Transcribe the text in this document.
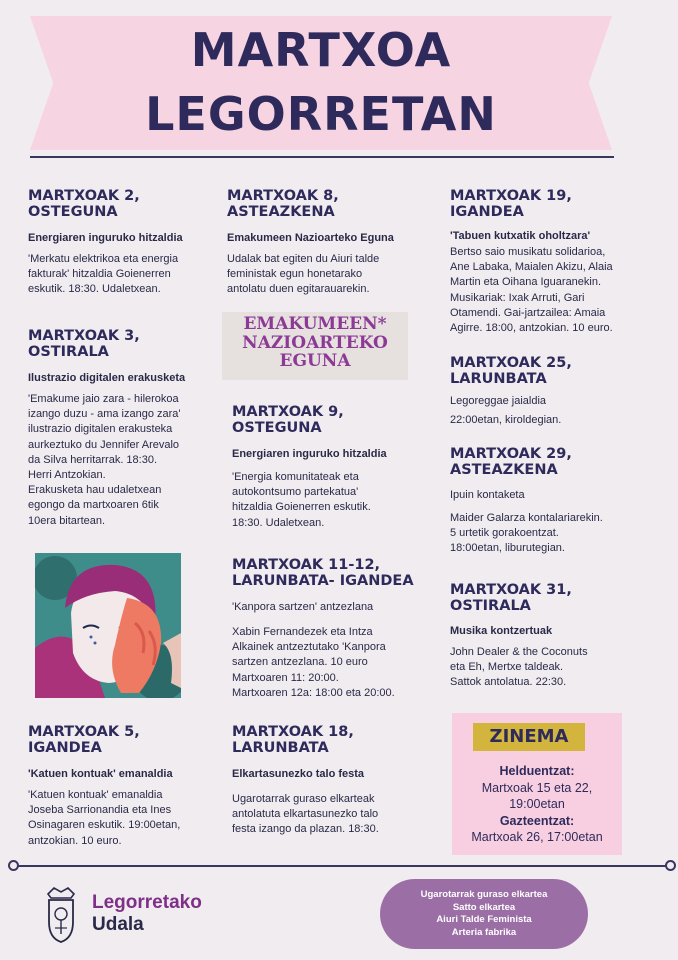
MARTXOA
LEGORRETAN
MARTXOAK 2,
OSTEGUNA
Energiaren inguruko hitzaldia
'Merkatu elektrikoa eta energia
fakturak' hitzaldia Goienerren
eskutik. 18:30. Udaletxean.
MARTXOAK 3,
OSTIRALA
Ilustrazio digitalen erakusketa
'Emakume jaio zara - hilerokoa
izango duzu - ama izango zara'
ilustrazio digitalen erakusteka
aurkeztuko du Jennifer Arevalo
da Silva herritarrak. 18:30.
Herri Antzokian.
Erakusketa hau udaletxean
egongo da martxoaren 6tik
10era bitartean.
MARTXOAK 5,
IGANDEA
'Katuen kontuak' emanaldia
'Katuen kontuak' emanaldia
Joseba Sarrionandia eta Ines
Osinagaren eskutik. 19:00etan,
antzokian. 10 euro.
MARTXOAK 8,
ASTEAZKENA
Emakumeen Nazioarteko Eguna
Udalak bat egiten du Aiuri talde
feministak egun honetarako
antolatu duen egitarauarekin.
EMAKUMEEN*
NAZIOARTEKO
EGUNA
MARTXOAK 9,
OSTEGUNA
Energiaren inguruko hitzaldia
'Energia komunitateak eta
autokontsumo partekatua'
hitzaldia Goienerren eskutik.
18:30. Udaletxean.
MARTXOAK 11-12,
LARUNBATA- IGANDEA
'Kanpora sartzen' antzezlana
Xabin Fernandezek eta Intza
Alkainek antzeztutako 'Kanpora
sartzen antzezlana. 10 euro
Martxoaren 11: 20:00.
Martxoaren 12a: 18:00 eta 20:00.
MARTXOAK 18,
LARUNBATA
Elkartasunezko talo festa
Ugarotarrak guraso elkarteak
antolatuta elkartasunezko talo
festa izango da plazan. 18:30.
MARTXOAK 19,
IGANDEA
'Tabuen kutxatik oholtzara'
Bertso saio musikatu solidarioa,
Ane Labaka, Maialen Akizu, Alaia
Martin eta Oihana Iguaranekin.
Musikariak: Ixak Arruti, Gari
Otamendi. Gai-jartzailea: Amaia
Agirre. 18:00, antzokian. 10 euro.
MARTXOAK 25,
LARUNBATA
Legoreggae jaialdia
22:00etan, kiroldegian.
MARTXOAK 29,
ASTEAZKENA
Ipuin kontaketa
Maider Galarza kontalariarekin.
5 urtetik gorakoentzat.
18:00etan, liburutegian.
MARTXOAK 31,
OSTIRALA
Musika kontzertuak
John Dealer & the Coconuts
eta Eh, Mertxe taldeak.
Sattok antolatua. 22:30.
ZINEMA
Helduentzat:
Martxoak 15 eta 22,
19:00etan
Gazteentzat:
Martxoak 26, 17:00etan
Legorretako
Udala
Ugarotarrak guraso elkartea
Satto elkartea
Aiuri Talde Feminista
Arteria fabrika
